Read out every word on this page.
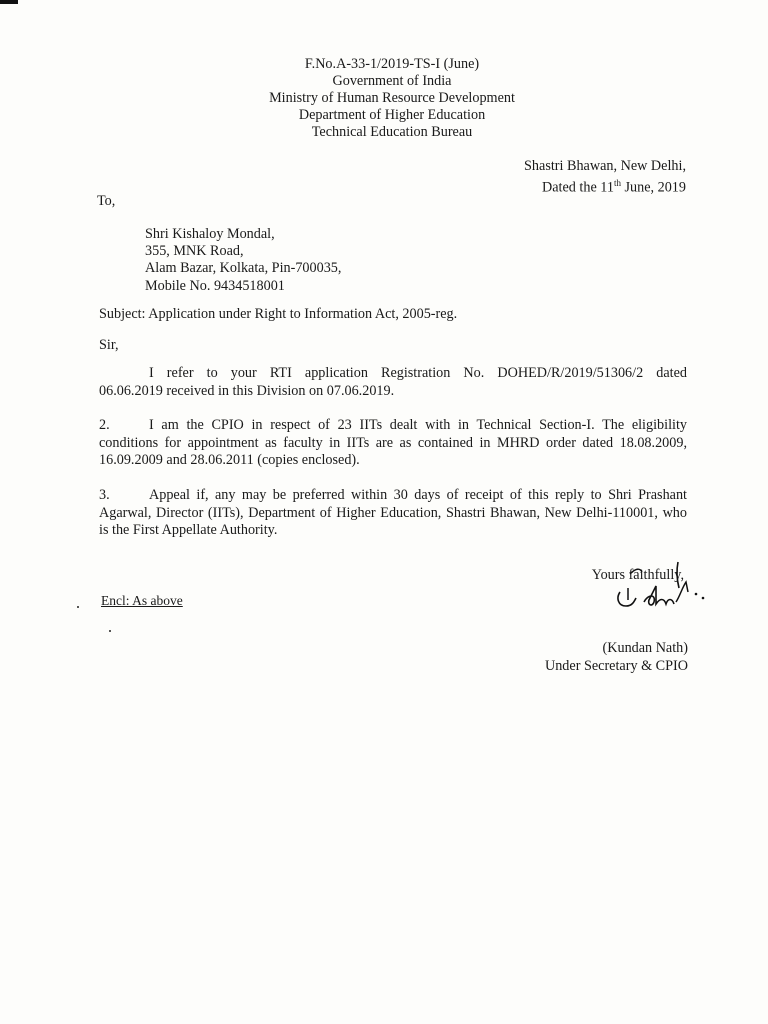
F.No.A-33-1/2019-TS-I (June)
Government of India
Ministry of Human Resource Development
Department of Higher Education
Technical Education Bureau
Shastri Bhawan, New Delhi,
Dated the 11th June, 2019
To,
Shri Kishaloy Mondal,
355, MNK Road,
Alam Bazar, Kolkata, Pin-700035,
Mobile No. 9434518001
Subject: Application under Right to Information Act, 2005-reg.
Sir,
I refer to your RTI application Registration No. DOHED/R/2019/51306/2 dated
06.06.2019 received in this Division on 07.06.2019.
2.	I am the CPIO in respect of 23 IITs dealt with in Technical Section-I. The eligibility conditions for appointment as faculty in IITs are as contained in MHRD order dated 18.08.2009, 16.09.2009 and 28.06.2011 (copies enclosed).
3.	Appeal if, any may be preferred within 30 days of receipt of this reply to Shri Prashant Agarwal, Director (IITs), Department of Higher Education, Shastri Bhawan, New Delhi-110001, who is the First Appellate Authority.
Encl: As above
Yours faithfully,
(Kundan Nath)
Under Secretary & CPIO
